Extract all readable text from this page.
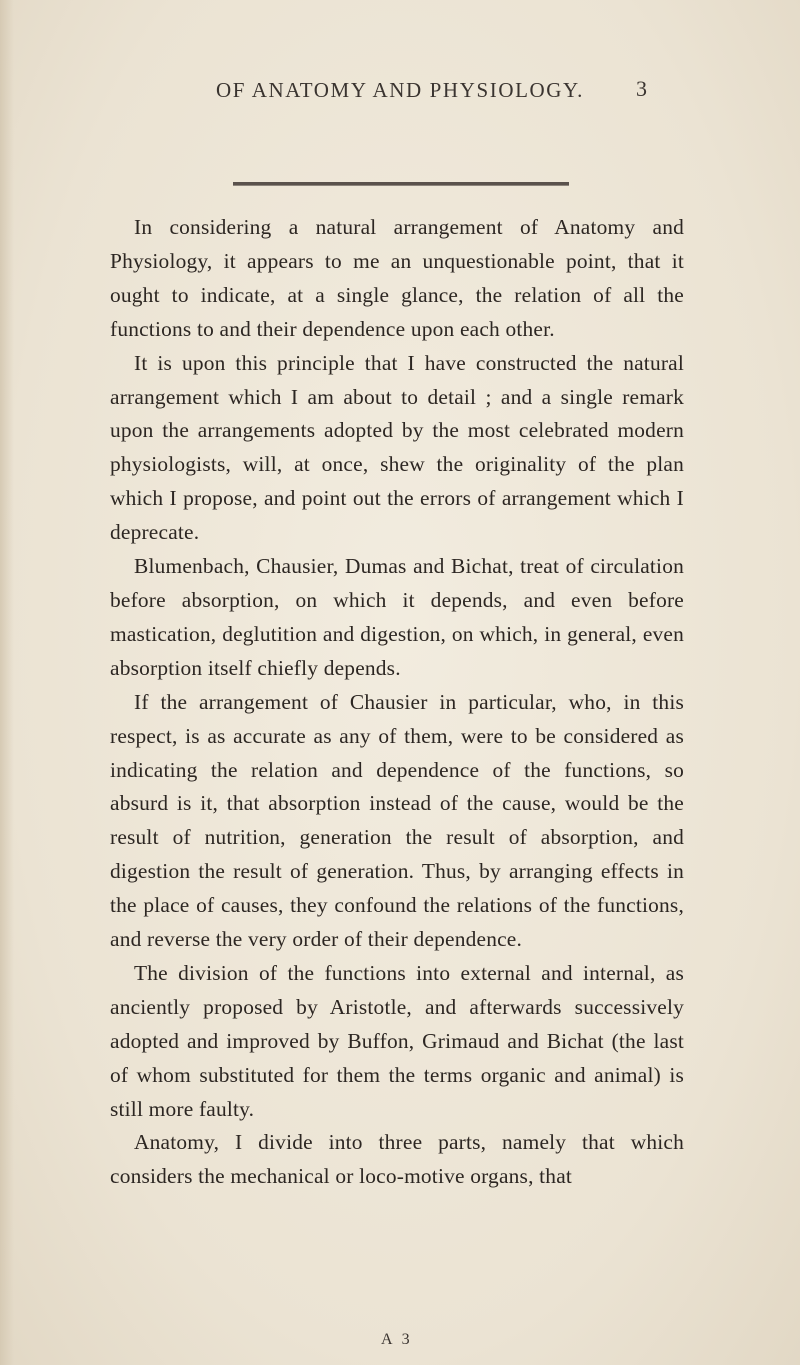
OF ANATOMY AND PHYSIOLOGY.	3

In considering a natural arrangement of Anatomy and Physiology, it appears to me an unquestionable point, that it ought to indicate, at a single glance, the relation of all the functions to and their dependence upon each other.

It is upon this principle that I have constructed the natural arrangement which I am about to detail ; and a single remark upon the arrangements adopted by the most celebrated modern physiologists, will, at once, shew the originality of the plan which I propose, and point out the errors of arrangement which I deprecate.

Blumenbach, Chausier, Dumas and Bichat, treat of circulation before absorption, on which it depends, and even before mastication, deglutition and digestion, on which, in general, even absorption itself chiefly depends.

If the arrangement of Chausier in particular, who, in this respect, is as accurate as any of them, were to be considered as indicating the relation and dependence of the functions, so absurd is it, that absorption instead of the cause, would be the result of nutrition, generation the result of absorption, and digestion the result of generation. Thus, by arranging effects in the place of causes, they confound the relations of the functions, and reverse the very order of their dependence.

The division of the functions into external and internal, as anciently proposed by Aristotle, and afterwards successively adopted and improved by Buffon, Grimaud and Bichat (the last of whom substituted for them the terms organic and animal) is still more faulty.

Anatomy, I divide into three parts, namely that which considers the mechanical or loco-motive organs, that

A 3
